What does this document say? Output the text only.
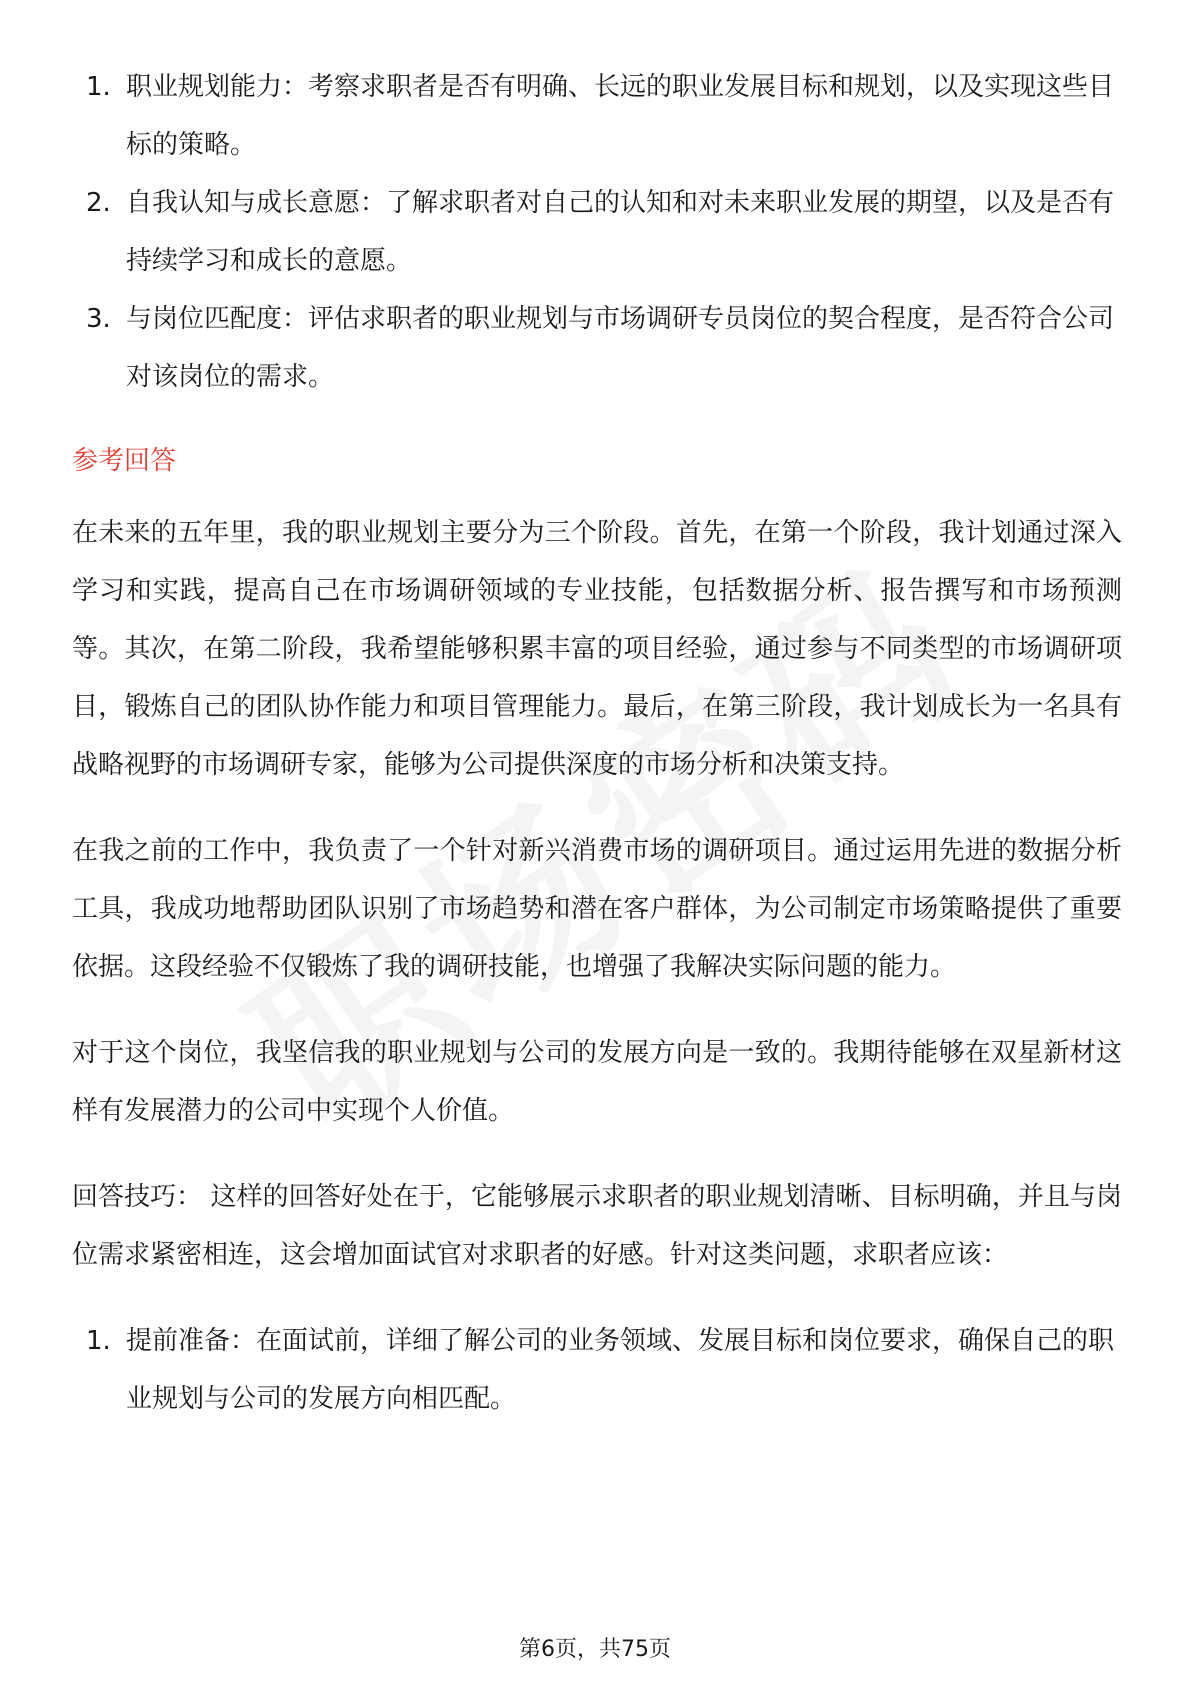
1. 职业规划能力：考察求职者是否有明确、长远的职业发展目标和规划，以及实现这些目标的策略。
2. 自我认知与成长意愿：了解求职者对自己的认知和对未来职业发展的期望，以及是否有持续学习和成长的意愿。
3. 与岗位匹配度：评估求职者的职业规划与市场调研专员岗位的契合程度，是否符合公司对该岗位的需求。
参考回答

在未来的五年里，我的职业规划主要分为三个阶段。首先，在第一个阶段，我计划通过深入学习和实践，提高自己在市场调研领域的专业技能，包括数据分析、报告撰写和市场预测等。其次，在第二阶段，我希望能够积累丰富的项目经验，通过参与不同类型的市场调研项目，锻炼自己的团队协作能力和项目管理能力。最后，在第三阶段，我计划成长为一名具有战略视野的市场调研专家，能够为公司提供深度的市场分析和决策支持。

在我之前的工作中，我负责了一个针对新兴消费市场的调研项目。通过运用先进的数据分析工具，我成功地帮助团队识别了市场趋势和潜在客户群体，为公司制定市场策略提供了重要依据。这段经验不仅锻炼了我的调研技能，也增强了我解决实际问题的能力。

对于这个岗位，我坚信我的职业规划与公司的发展方向是一致的。我期待能够在双星新材这样有发展潜力的公司中实现个人价值。

回答技巧： 这样的回答好处在于，它能够展示求职者的职业规划清晰、目标明确，并且与岗位需求紧密相连，这会增加面试官对求职者的好感。针对这类问题，求职者应该：

1. 提前准备：在面试前，详细了解公司的业务领域、发展目标和岗位要求，确保自己的职业规划与公司的发展方向相匹配。
第6页，共75页
